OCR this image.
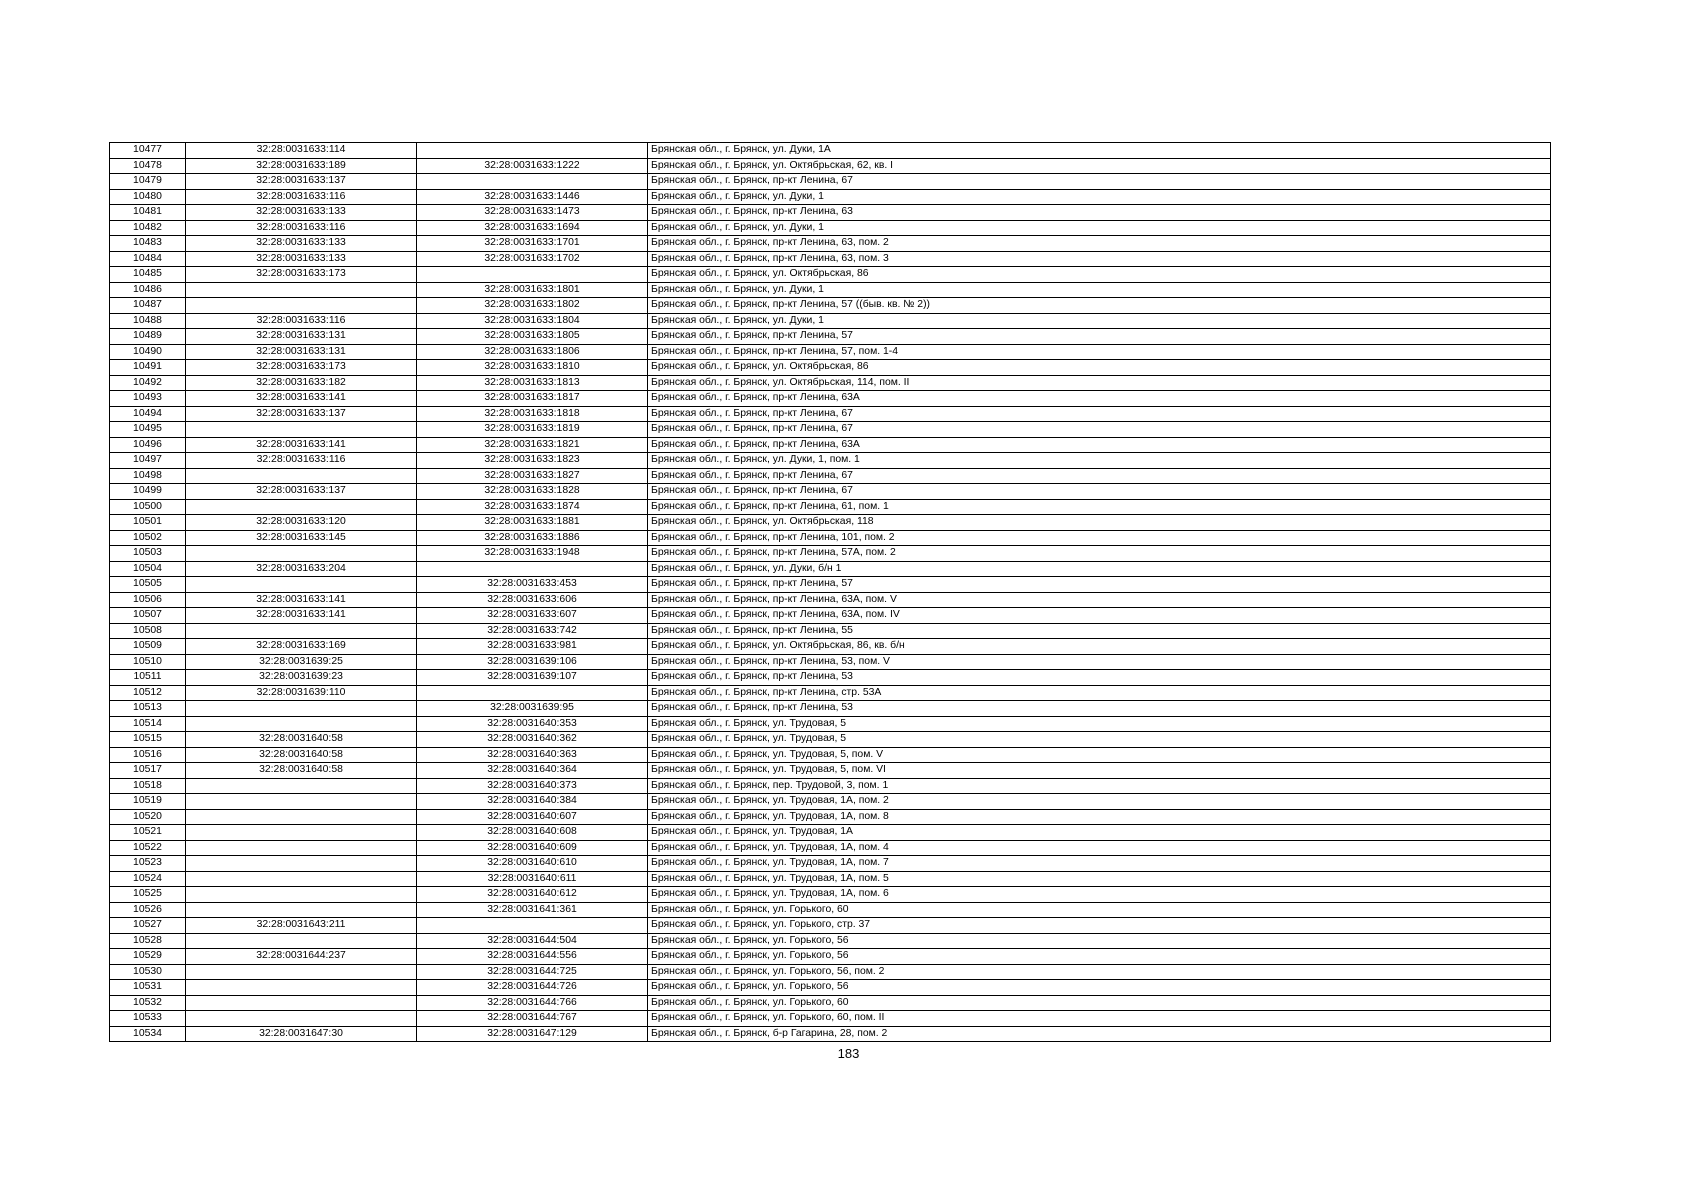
10477	32:28:0031633:114		Брянская обл., г. Брянск, ул. Дуки, 1А
10478	32:28:0031633:189	32:28:0031633:1222	Брянская обл., г. Брянск, ул. Октябрьская, 62, кв. I
10479	32:28:0031633:137		Брянская обл., г. Брянск, пр-кт Ленина, 67
10480	32:28:0031633:116	32:28:0031633:1446	Брянская обл., г. Брянск, ул. Дуки, 1
10481	32:28:0031633:133	32:28:0031633:1473	Брянская обл., г. Брянск, пр-кт Ленина, 63
10482	32:28:0031633:116	32:28:0031633:1694	Брянская обл., г. Брянск, ул. Дуки, 1
10483	32:28:0031633:133	32:28:0031633:1701	Брянская обл., г. Брянск, пр-кт Ленина, 63, пом. 2
10484	32:28:0031633:133	32:28:0031633:1702	Брянская обл., г. Брянск, пр-кт Ленина, 63, пом. 3
10485	32:28:0031633:173		Брянская обл., г. Брянск, ул. Октябрьская, 86
10486		32:28:0031633:1801	Брянская обл., г. Брянск, ул. Дуки, 1
10487		32:28:0031633:1802	Брянская обл., г. Брянск, пр-кт Ленина, 57 ((быв. кв. № 2))
10488	32:28:0031633:116	32:28:0031633:1804	Брянская обл., г. Брянск, ул. Дуки, 1
10489	32:28:0031633:131	32:28:0031633:1805	Брянская обл., г. Брянск, пр-кт Ленина, 57
10490	32:28:0031633:131	32:28:0031633:1806	Брянская обл., г. Брянск, пр-кт Ленина, 57, пом. 1-4
10491	32:28:0031633:173	32:28:0031633:1810	Брянская обл., г. Брянск, ул. Октябрьская, 86
10492	32:28:0031633:182	32:28:0031633:1813	Брянская обл., г. Брянск, ул. Октябрьская, 114, пом. II
10493	32:28:0031633:141	32:28:0031633:1817	Брянская обл., г. Брянск, пр-кт Ленина, 63А
10494	32:28:0031633:137	32:28:0031633:1818	Брянская обл., г. Брянск, пр-кт Ленина, 67
10495		32:28:0031633:1819	Брянская обл., г. Брянск, пр-кт Ленина, 67
10496	32:28:0031633:141	32:28:0031633:1821	Брянская обл., г. Брянск, пр-кт Ленина, 63А
10497	32:28:0031633:116	32:28:0031633:1823	Брянская обл., г. Брянск, ул. Дуки, 1, пом. 1
10498		32:28:0031633:1827	Брянская обл., г. Брянск, пр-кт Ленина, 67
10499	32:28:0031633:137	32:28:0031633:1828	Брянская обл., г. Брянск, пр-кт Ленина, 67
10500		32:28:0031633:1874	Брянская обл., г. Брянск, пр-кт Ленина, 61, пом. 1
10501	32:28:0031633:120	32:28:0031633:1881	Брянская обл., г. Брянск, ул. Октябрьская, 118
10502	32:28:0031633:145	32:28:0031633:1886	Брянская обл., г. Брянск, пр-кт Ленина, 101, пом. 2
10503		32:28:0031633:1948	Брянская обл., г. Брянск, пр-кт Ленина, 57А, пом. 2
10504	32:28:0031633:204		Брянская обл., г. Брянск, ул. Дуки, б/н 1
10505		32:28:0031633:453	Брянская обл., г. Брянск, пр-кт Ленина, 57
10506	32:28:0031633:141	32:28:0031633:606	Брянская обл., г. Брянск, пр-кт Ленина, 63А, пом. V
10507	32:28:0031633:141	32:28:0031633:607	Брянская обл., г. Брянск, пр-кт Ленина, 63А, пом. IV
10508		32:28:0031633:742	Брянская обл., г. Брянск, пр-кт Ленина, 55
10509	32:28:0031633:169	32:28:0031633:981	Брянская обл., г. Брянск, ул. Октябрьская, 86, кв. б/н
10510	32:28:0031639:25	32:28:0031639:106	Брянская обл., г. Брянск, пр-кт Ленина, 53, пом. V
10511	32:28:0031639:23	32:28:0031639:107	Брянская обл., г. Брянск, пр-кт Ленина, 53
10512	32:28:0031639:110		Брянская обл., г. Брянск, пр-кт Ленина, стр. 53А
10513		32:28:0031639:95	Брянская обл., г. Брянск, пр-кт Ленина, 53
10514		32:28:0031640:353	Брянская обл., г. Брянск, ул. Трудовая, 5
10515	32:28:0031640:58	32:28:0031640:362	Брянская обл., г. Брянск, ул. Трудовая, 5
10516	32:28:0031640:58	32:28:0031640:363	Брянская обл., г. Брянск, ул. Трудовая, 5, пом. V
10517	32:28:0031640:58	32:28:0031640:364	Брянская обл., г. Брянск, ул. Трудовая, 5, пом. VI
10518		32:28:0031640:373	Брянская обл., г. Брянск, пер. Трудовой, 3, пом. 1
10519		32:28:0031640:384	Брянская обл., г. Брянск, ул. Трудовая, 1А, пом. 2
10520		32:28:0031640:607	Брянская обл., г. Брянск, ул. Трудовая, 1А, пом. 8
10521		32:28:0031640:608	Брянская обл., г. Брянск, ул. Трудовая, 1А
10522		32:28:0031640:609	Брянская обл., г. Брянск, ул. Трудовая, 1А, пом. 4
10523		32:28:0031640:610	Брянская обл., г. Брянск, ул. Трудовая, 1А, пом. 7
10524		32:28:0031640:611	Брянская обл., г. Брянск, ул. Трудовая, 1А, пом. 5
10525		32:28:0031640:612	Брянская обл., г. Брянск, ул. Трудовая, 1А, пом. 6
10526		32:28:0031641:361	Брянская обл., г. Брянск, ул. Горького, 60
10527	32:28:0031643:211		Брянская обл., г. Брянск, ул. Горького, стр. 37
10528		32:28:0031644:504	Брянская обл., г. Брянск, ул. Горького, 56
10529	32:28:0031644:237	32:28:0031644:556	Брянская обл., г. Брянск, ул. Горького, 56
10530		32:28:0031644:725	Брянская обл., г. Брянск, ул. Горького, 56, пом. 2
10531		32:28:0031644:726	Брянская обл., г. Брянск, ул. Горького, 56
10532		32:28:0031644:766	Брянская обл., г. Брянск, ул. Горького, 60
10533		32:28:0031644:767	Брянская обл., г. Брянск, ул. Горького, 60, пом. II
10534	32:28:0031647:30	32:28:0031647:129	Брянская обл., г. Брянск, б-р Гагарина, 28, пом. 2
183
